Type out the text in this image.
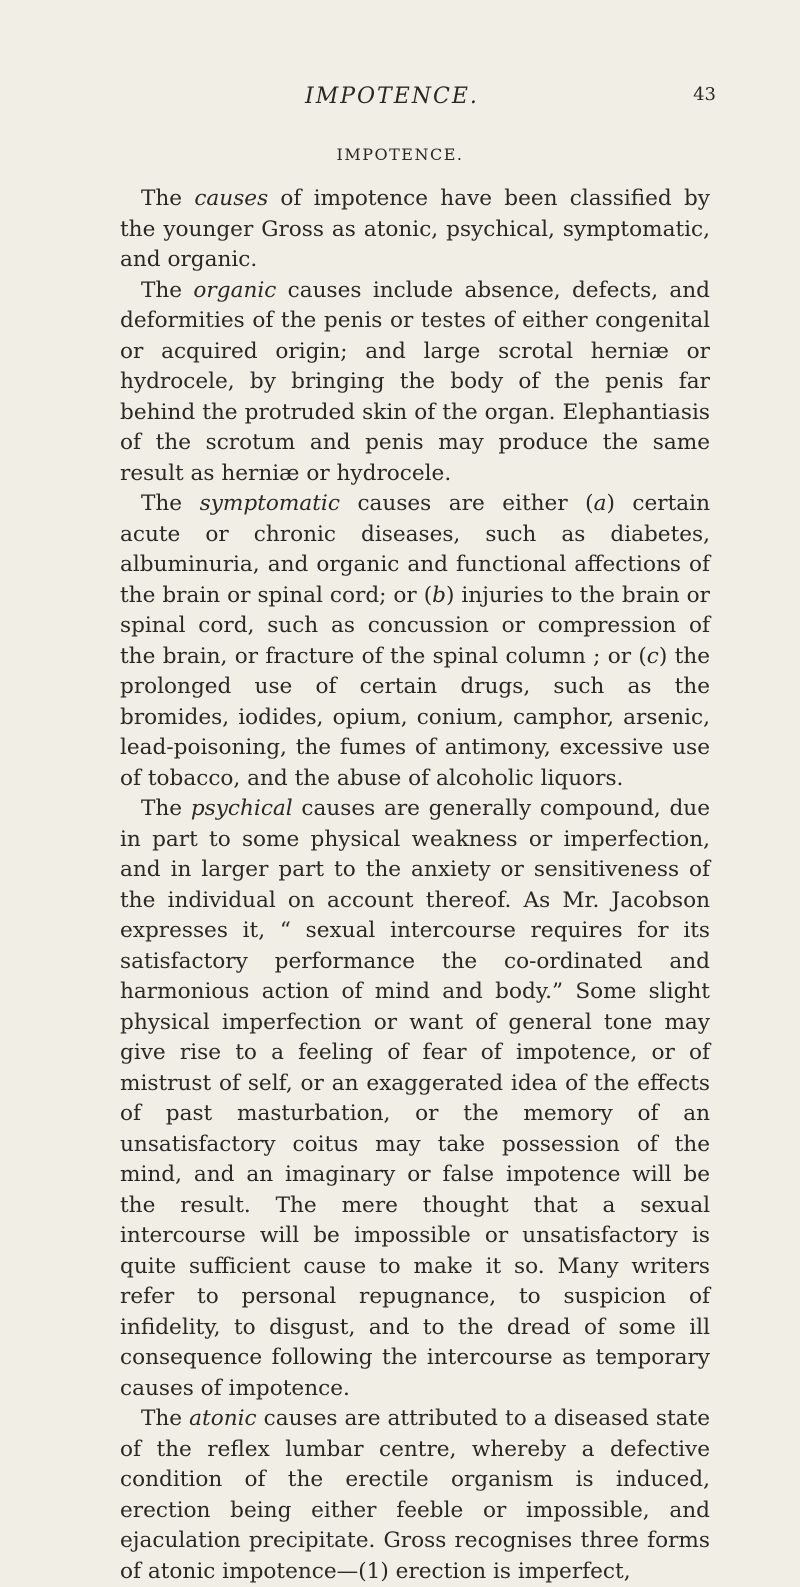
IMPOTENCE.	43
IMPOTENCE.

The causes of impotence have been classified by the younger Gross as atonic, psychical, symptomatic, and organic.

The organic causes include absence, defects, and deformities of the penis or testes of either congenital or acquired origin; and large scrotal herniæ or hydrocele, by bringing the body of the penis far behind the protruded skin of the organ. Elephantiasis of the scrotum and penis may produce the same result as herniæ or hydrocele.

The symptomatic causes are either (a) certain acute or chronic diseases, such as diabetes, albuminuria, and organic and functional affections of the brain or spinal cord; or (b) injuries to the brain or spinal cord, such as concussion or compression of the brain, or fracture of the spinal column ; or (c) the prolonged use of certain drugs, such as the bromides, iodides, opium, conium, camphor, arsenic, lead-poisoning, the fumes of antimony, excessive use of tobacco, and the abuse of alcoholic liquors.

The psychical causes are generally compound, due in part to some physical weakness or imperfection, and in larger part to the anxiety or sensitiveness of the individual on account thereof. As Mr. Jacobson expresses it, “ sexual intercourse requires for its satisfactory performance the co-ordinated and harmonious action of mind and body.” Some slight physical imperfection or want of general tone may give rise to a feeling of fear of impotence, or of mistrust of self, or an exaggerated idea of the effects of past masturbation, or the memory of an unsatisfactory coitus may take possession of the mind, and an imaginary or false impotence will be the result. The mere thought that a sexual intercourse will be impossible or unsatisfactory is quite sufficient cause to make it so. Many writers refer to personal repugnance, to suspicion of infidelity, to disgust, and to the dread of some ill consequence following the intercourse as temporary causes of impotence.

The atonic causes are attributed to a diseased state of the reflex lumbar centre, whereby a defective condition of the erectile organism is induced, erection being either feeble or impossible, and ejaculation precipitate. Gross recognises three forms of atonic impotence—(1) erection is imperfect,
